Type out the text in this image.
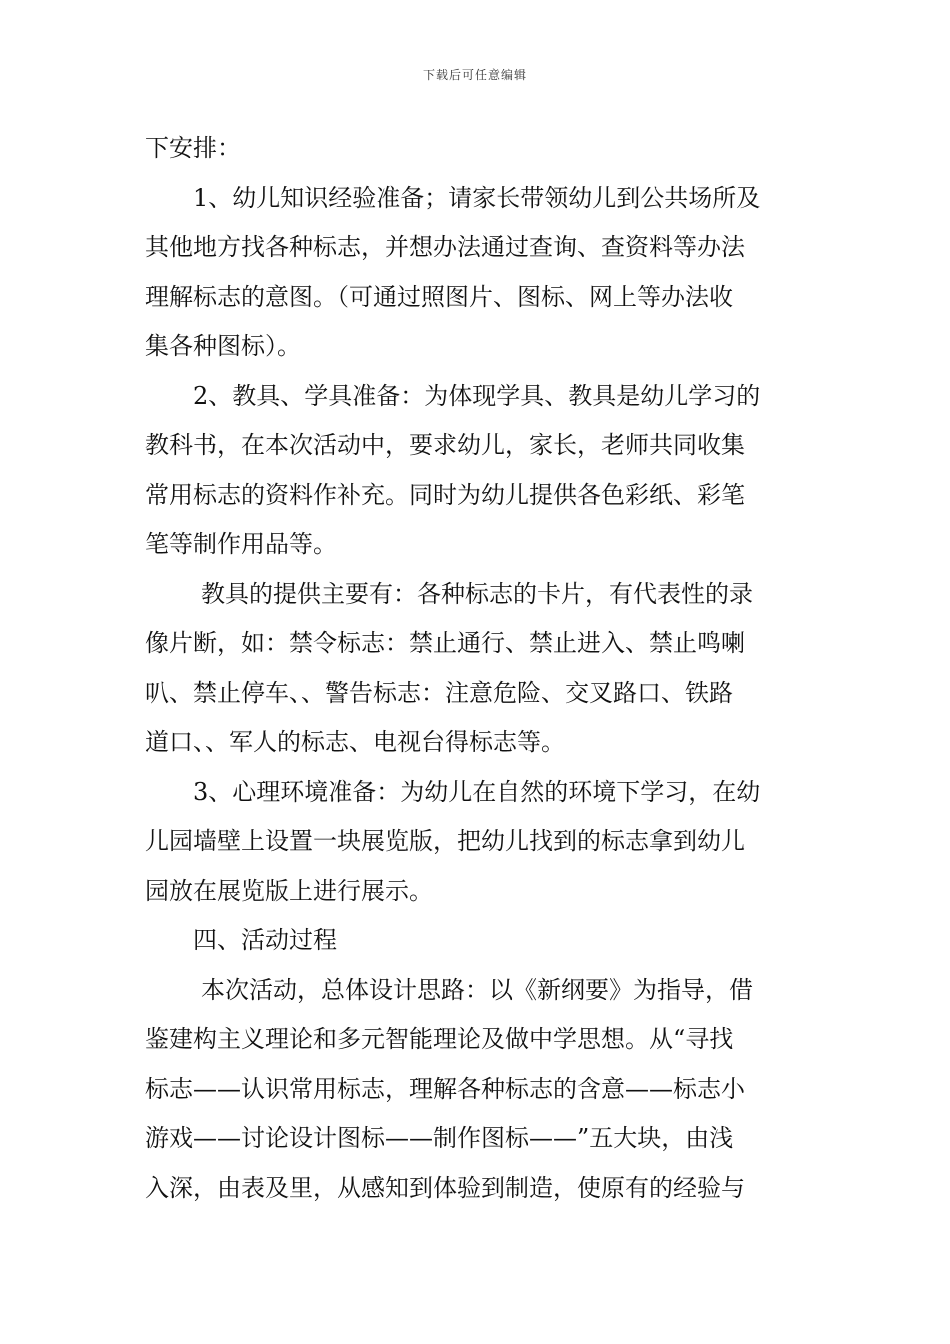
下载后可任意编辑
下安排：
1、幼儿知识经验准备；请家长带领幼儿到公共场所及
其他地方找各种标志，并想办法通过查询、查资料等办法
理解标志的意图。（可通过照图片、图标、网上等办法收
集各种图标）。
2、教具、学具准备：为体现学具、教具是幼儿学习的
教科书，在本次活动中，要求幼儿，家长，老师共同收集
常用标志的资料作补充。同时为幼儿提供各色彩纸、彩笔
笔等制作用品等。
教具的提供主要有：各种标志的卡片，有代表性的录
像片断，如：禁令标志：禁止通行、禁止进入、禁止鸣喇
叭、禁止停车、、警告标志：注意危险、交叉路口、铁路
道口、、军人的标志、电视台得标志等。
3、心理环境准备：为幼儿在自然的环境下学习，在幼
儿园墙壁上设置一块展览版，把幼儿找到的标志拿到幼儿
园放在展览版上进行展示。
四、活动过程
本次活动，总体设计思路：以《新纲要》为指导，借
鉴建构主义理论和多元智能理论及做中学思想。从“寻找
标志——认识常用标志，理解各种标志的含意——标志小
游戏——讨论设计图标——制作图标——”五大块，由浅
入深，由表及里，从感知到体验到制造，使原有的经验与
